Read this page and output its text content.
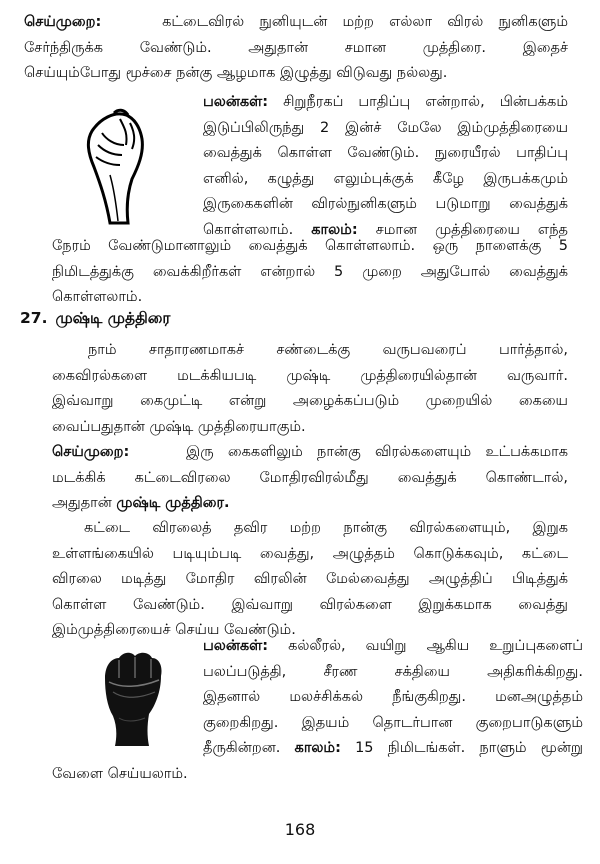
செய்முறை:	கட்டைவிரல் நுனியுடன் மற்ற எல்லா விரல் நுனிகளும்
சேர்ந்திருக்க வேண்டும். அதுதான் சமான முத்திரை. இதைச்
செய்யும்போது மூச்சை நன்கு ஆழமாக இழுத்து விடுவது நல்லது.
பலன்கள்: சிறுநீரகப் பாதிப்பு என்றால், பின்பக்கம்
இடுப்பிலிருந்து 2 இன்ச் மேலே இம்முத்திரையை
வைத்துக் கொள்ள வேண்டும். நுரையீரல் பாதிப்பு
எனில், கழுத்து எலும்புக்குக் கீழே இருபக்கமும்
இருகைகளின் விரல்நுனிகளும் படுமாறு வைத்துக்
கொள்ளலாம். காலம்: சமான முத்திரையை எந்த
நேரம் வேண்டுமானாலும் வைத்துக் கொள்ளலாம். ஒரு நாளைக்கு 5
நிமிடத்துக்கு வைக்கிறீர்கள் என்றால் 5 முறை அதுபோல் வைத்துக்
கொள்ளலாம்.
27. முஷ்டி முத்திரை
நாம் சாதாரணமாகச் சண்டைக்கு வருபவரைப் பார்த்தால்,
கைவிரல்களை மடக்கியபடி முஷ்டி முத்திரையில்தான் வருவார்.
இவ்வாறு கைமுட்டி என்று அழைக்கப்படும் முறையில் கையை
வைப்பதுதான் முஷ்டி முத்திரையாகும்.
செய்முறை:	இரு கைகளிலும் நான்கு விரல்களையும் உட்பக்கமாக
மடக்கிக் கட்டைவிரலை மோதிரவிரல்மீது வைத்துக் கொண்டால்,
அதுதான் முஷ்டி முத்திரை.
கட்டை விரலைத் தவிர மற்ற நான்கு விரல்களையும், இறுக
உள்ளங்கையில் படியும்படி வைத்து, அழுத்தம் கொடுக்கவும், கட்டை
விரலை மடித்து மோதிர விரலின் மேல்வைத்து அழுத்திப் பிடித்துக்
கொள்ள வேண்டும். இவ்வாறு விரல்களை இறுக்கமாக வைத்து
இம்முத்திரையைச் செய்ய வேண்டும்.
பலன்கள்: கல்லீரல், வயிறு ஆகிய உறுப்புகளைப்
பலப்படுத்தி, சீரண சக்தியை அதிகரிக்கிறது.
இதனால் மலச்சிக்கல் நீங்குகிறது. மனஅழுத்தம்
குறைகிறது. இதயம் தொடர்பான குறைபாடுகளும்
தீருகின்றன. காலம்: 15 நிமிடங்கள். நாளும் மூன்று
வேளை செய்யலாம்.
168
